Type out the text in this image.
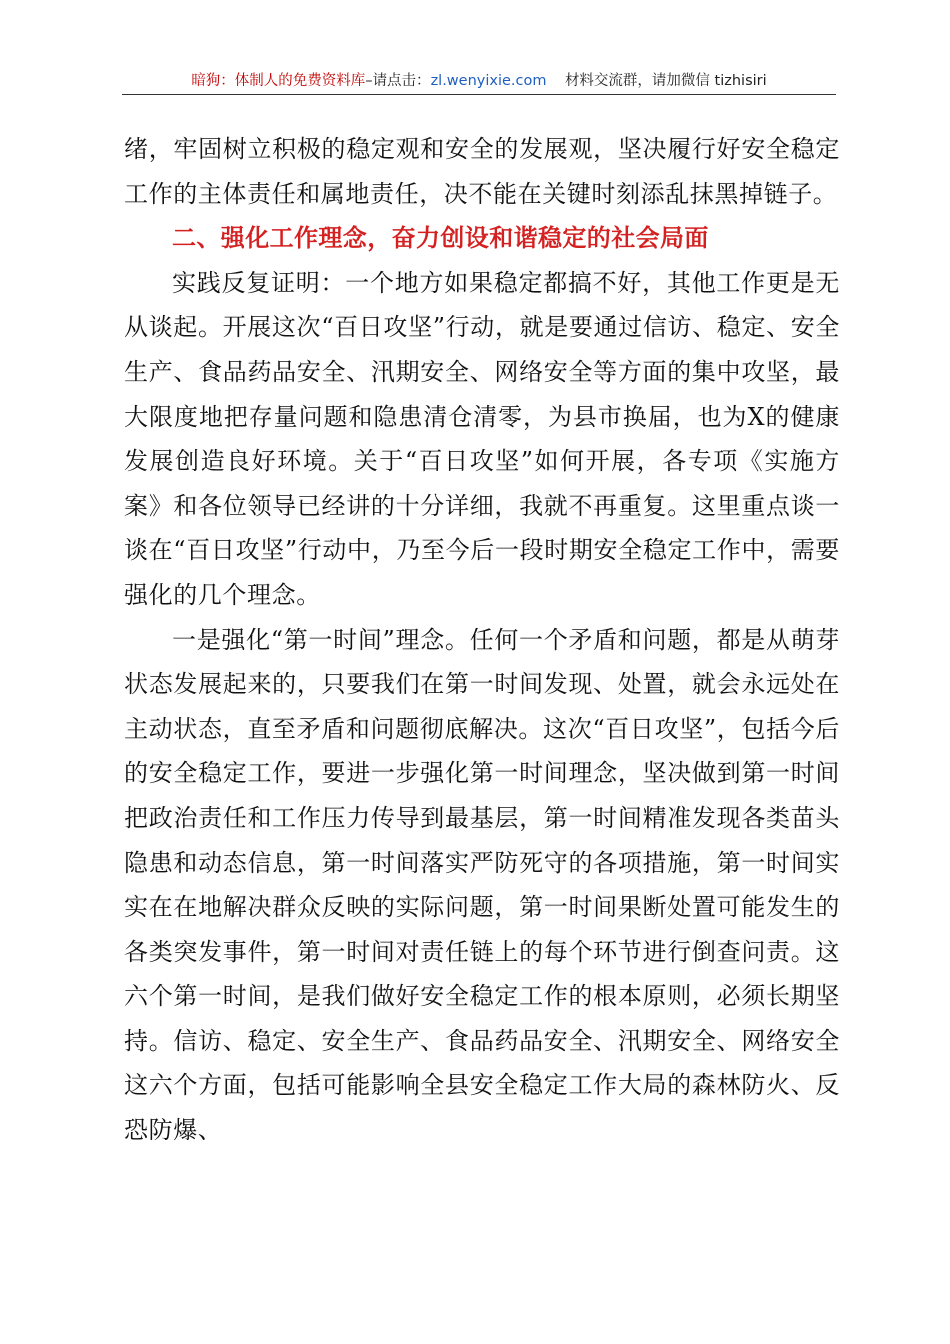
暗狗：体制人的免费资料库–请点击：zl.wenyixie.com 材料交流群，请加微信 tizhisiri

绪，牢固树立积极的稳定观和安全的发展观，坚决履行好安全稳定工作的主体责任和属地责任，决不能在关键时刻添乱抹黑掉链子。

二、强化工作理念，奋力创设和谐稳定的社会局面

实践反复证明：一个地方如果稳定都搞不好，其他工作更是无从谈起。开展这次“百日攻坚”行动，就是要通过信访、稳定、安全生产、食品药品安全、汛期安全、网络安全等方面的集中攻坚，最大限度地把存量问题和隐患清仓清零，为县市换届，也为X的健康发展创造良好环境。关于“百日攻坚”如何开展，各专项《实施方案》和各位领导已经讲的十分详细，我就不再重复。这里重点谈一谈在“百日攻坚”行动中，乃至今后一段时期安全稳定工作中，需要强化的几个理念。

一是强化“第一时间”理念。任何一个矛盾和问题，都是从萌芽状态发展起来的，只要我们在第一时间发现、处置，就会永远处在主动状态，直至矛盾和问题彻底解决。这次“百日攻坚”，包括今后的安全稳定工作，要进一步强化第一时间理念，坚决做到第一时间把政治责任和工作压力传导到最基层，第一时间精准发现各类苗头隐患和动态信息，第一时间落实严防死守的各项措施，第一时间实实在在地解决群众反映的实际问题，第一时间果断处置可能发生的各类突发事件，第一时间对责任链上的每个环节进行倒查问责。这六个第一时间，是我们做好安全稳定工作的根本原则，必须长期坚持。信访、稳定、安全生产、食品药品安全、汛期安全、网络安全这六个方面，包括可能影响全县安全稳定工作大局的森林防火、反恐防爆、
